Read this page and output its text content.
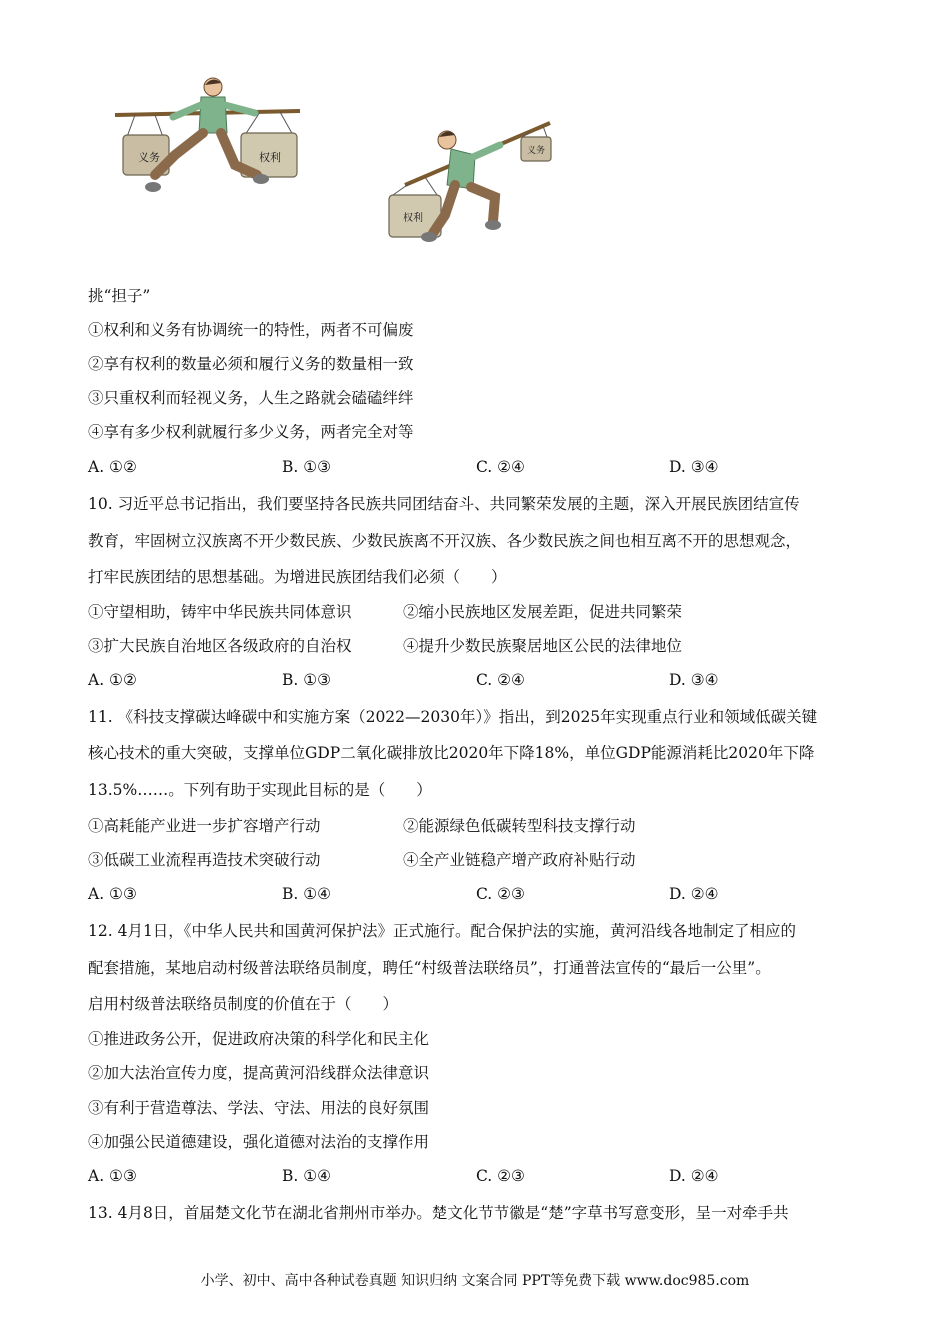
义务	权利
权利
义务
挑“担子”
①权利和义务有协调统一的特性，两者不可偏废
②享有权利的数量必须和履行义务的数量相一致
③只重权利而轻视义务，人生之路就会磕磕绊绊
④享有多少权利就履行多少义务，两者完全对等
A. ①②	B. ①③	C. ②④	D. ③④
10. 习近平总书记指出，我们要坚持各民族共同团结奋斗、共同繁荣发展的主题，深入开展民族团结宣传
教育，牢固树立汉族离不开少数民族、少数民族离不开汉族、各少数民族之间也相互离不开的思想观念，
打牢民族团结的思想基础。为增进民族团结我们必须（　　）
①守望相助，铸牢中华民族共同体意识	②缩小民族地区发展差距，促进共同繁荣
③扩大民族自治地区各级政府的自治权	④提升少数民族聚居地区公民的法律地位
A. ①②	B. ①③	C. ②④	D. ③④
11. 《科技支撑碳达峰碳中和实施方案（2022—2030年）》指出，到2025年实现重点行业和领域低碳关键
核心技术的重大突破，支撑单位GDP二氧化碳排放比2020年下降18%，单位GDP能源消耗比2020年下降
13.5%……。下列有助于实现此目标的是（　　）
①高耗能产业进一步扩容增产行动	②能源绿色低碳转型科技支撑行动
③低碳工业流程再造技术突破行动	④全产业链稳产增产政府补贴行动
A. ①③	B. ①④	C. ②③	D. ②④
12. 4月1日，《中华人民共和国黄河保护法》正式施行。配合保护法的实施，黄河沿线各地制定了相应的
配套措施，某地启动村级普法联络员制度，聘任“村级普法联络员”，打通普法宣传的“最后一公里”。
启用村级普法联络员制度的价值在于（　　）
①推进政务公开，促进政府决策的科学化和民主化
②加大法治宣传力度，提高黄河沿线群众法律意识
③有利于营造尊法、学法、守法、用法的良好氛围
④加强公民道德建设，强化道德对法治的支撑作用
A. ①③	B. ①④	C. ②③	D. ②④
13. 4月8日，首届楚文化节在湖北省荆州市举办。楚文化节节徽是“楚”字草书写意变形，呈一对牵手共
小学、初中、高中各种试卷真题 知识归纳 文案合同 PPT等免费下载 www.doc985.com
